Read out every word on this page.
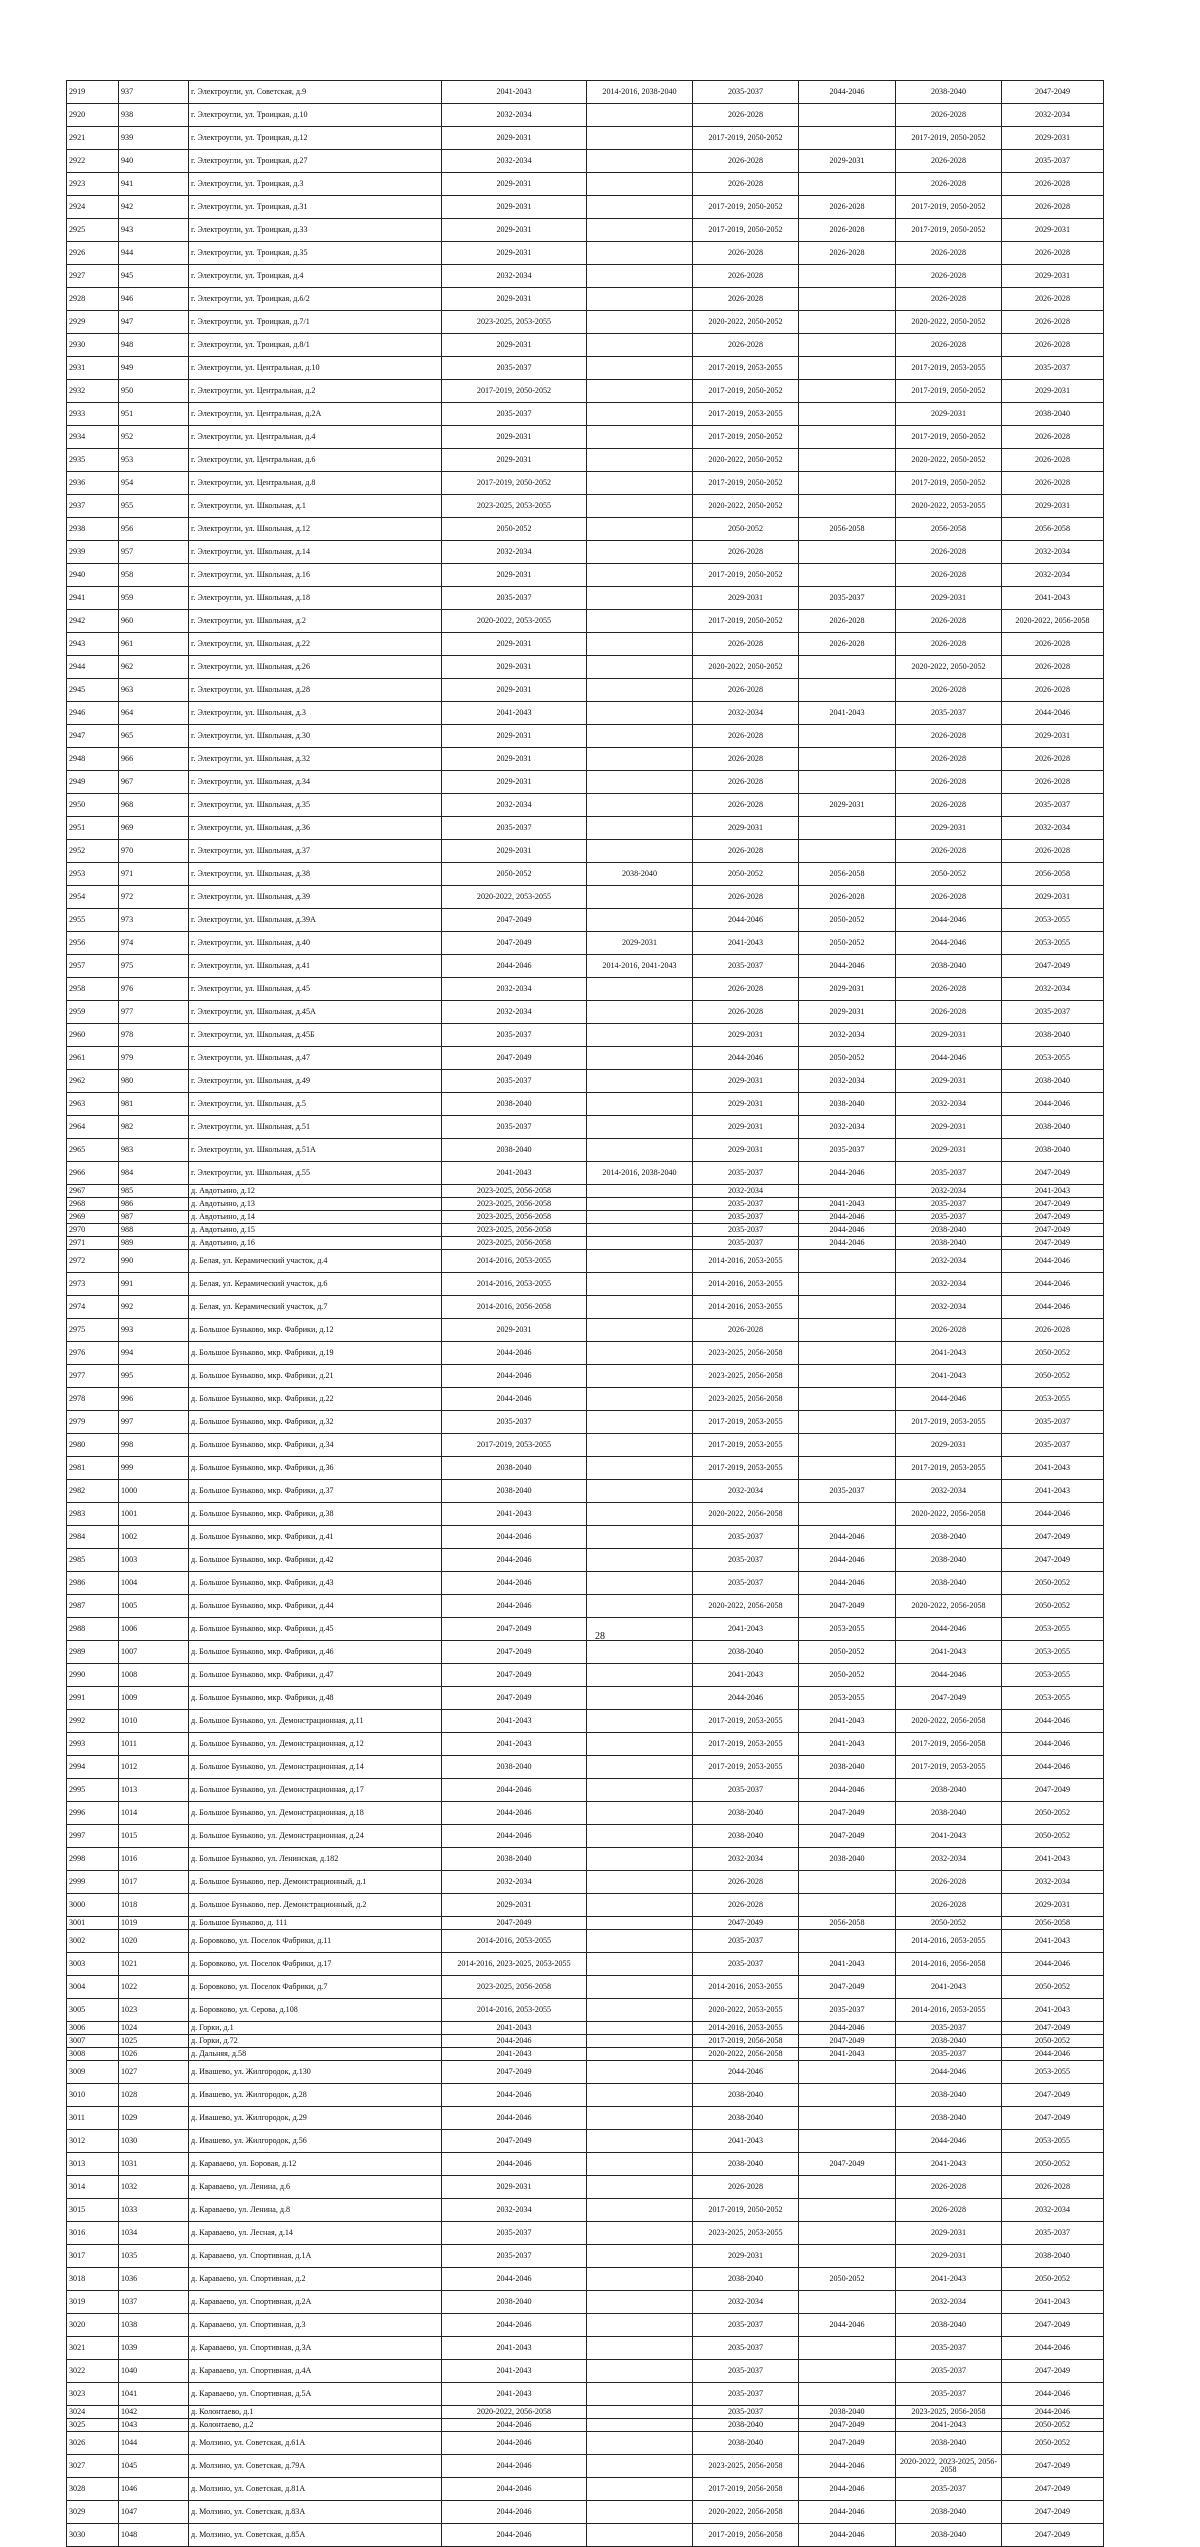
2919	937	г. Электроугли, ул. Советская, д.9	2041-2043	2014-2016, 2038-2040	2035-2037	2044-2046	2038-2040	2047-2049
2920	938	г. Электроугли, ул. Троицкая, д.10	2032-2034		2026-2028		2026-2028	2032-2034
2921	939	г. Электроугли, ул. Троицкая, д.12	2029-2031		2017-2019, 2050-2052		2017-2019, 2050-2052	2029-2031
2922	940	г. Электроугли, ул. Троицкая, д.27	2032-2034		2026-2028	2029-2031	2026-2028	2035-2037
2923	941	г. Электроугли, ул. Троицкая, д.3	2029-2031		2026-2028		2026-2028	2026-2028
2924	942	г. Электроугли, ул. Троицкая, д.31	2029-2031		2017-2019, 2050-2052	2026-2028	2017-2019, 2050-2052	2026-2028
2925	943	г. Электроугли, ул. Троицкая, д.33	2029-2031		2017-2019, 2050-2052	2026-2028	2017-2019, 2050-2052	2029-2031
2926	944	г. Электроугли, ул. Троицкая, д.35	2029-2031		2026-2028	2026-2028	2026-2028	2026-2028
2927	945	г. Электроугли, ул. Троицкая, д.4	2032-2034		2026-2028		2026-2028	2029-2031
2928	946	г. Электроугли, ул. Троицкая, д.6/2	2029-2031		2026-2028		2026-2028	2026-2028
2929	947	г. Электроугли, ул. Троицкая, д.7/1	2023-2025, 2053-2055		2020-2022, 2050-2052		2020-2022, 2050-2052	2026-2028
2930	948	г. Электроугли, ул. Троицкая, д.8/1	2029-2031		2026-2028		2026-2028	2026-2028
2931	949	г. Электроугли, ул. Центральная, д.10	2035-2037		2017-2019, 2053-2055		2017-2019, 2053-2055	2035-2037
2932	950	г. Электроугли, ул. Центральная, д.2	2017-2019, 2050-2052		2017-2019, 2050-2052		2017-2019, 2050-2052	2029-2031
2933	951	г. Электроугли, ул. Центральная, д.2А	2035-2037		2017-2019, 2053-2055		2029-2031	2038-2040
2934	952	г. Электроугли, ул. Центральная, д.4	2029-2031		2017-2019, 2050-2052		2017-2019, 2050-2052	2026-2028
2935	953	г. Электроугли, ул. Центральная, д.6	2029-2031		2020-2022, 2050-2052		2020-2022, 2050-2052	2026-2028
2936	954	г. Электроугли, ул. Центральная, д.8	2017-2019, 2050-2052		2017-2019, 2050-2052		2017-2019, 2050-2052	2026-2028
2937	955	г. Электроугли, ул. Школьная, д.1	2023-2025, 2053-2055		2020-2022, 2050-2052		2020-2022, 2053-2055	2029-2031
2938	956	г. Электроугли, ул. Школьная, д.12	2050-2052		2050-2052	2056-2058	2056-2058	2056-2058
2939	957	г. Электроугли, ул. Школьная, д.14	2032-2034		2026-2028		2026-2028	2032-2034
2940	958	г. Электроугли, ул. Школьная, д.16	2029-2031		2017-2019, 2050-2052		2026-2028	2032-2034
2941	959	г. Электроугли, ул. Школьная, д.18	2035-2037		2029-2031	2035-2037	2029-2031	2041-2043
2942	960	г. Электроугли, ул. Школьная, д.2	2020-2022, 2053-2055		2017-2019, 2050-2052	2026-2028	2026-2028	2020-2022, 2056-2058
2943	961	г. Электроугли, ул. Школьная, д.22	2029-2031		2026-2028	2026-2028	2026-2028	2026-2028
2944	962	г. Электроугли, ул. Школьная, д.26	2029-2031		2020-2022, 2050-2052		2020-2022, 2050-2052	2026-2028
2945	963	г. Электроугли, ул. Школьная, д.28	2029-2031		2026-2028		2026-2028	2026-2028
2946	964	г. Электроугли, ул. Школьная, д.3	2041-2043		2032-2034	2041-2043	2035-2037	2044-2046
2947	965	г. Электроугли, ул. Школьная, д.30	2029-2031		2026-2028		2026-2028	2029-2031
2948	966	г. Электроугли, ул. Школьная, д.32	2029-2031		2026-2028		2026-2028	2026-2028
2949	967	г. Электроугли, ул. Школьная, д.34	2029-2031		2026-2028		2026-2028	2026-2028
2950	968	г. Электроугли, ул. Школьная, д.35	2032-2034		2026-2028	2029-2031	2026-2028	2035-2037
2951	969	г. Электроугли, ул. Школьная, д.36	2035-2037		2029-2031		2029-2031	2032-2034
2952	970	г. Электроугли, ул. Школьная, д.37	2029-2031		2026-2028		2026-2028	2026-2028
2953	971	г. Электроугли, ул. Школьная, д.38	2050-2052	2038-2040	2050-2052	2056-2058	2050-2052	2056-2058
2954	972	г. Электроугли, ул. Школьная, д.39	2020-2022, 2053-2055		2026-2028	2026-2028	2026-2028	2029-2031
2955	973	г. Электроугли, ул. Школьная, д.39А	2047-2049		2044-2046	2050-2052	2044-2046	2053-2055
2956	974	г. Электроугли, ул. Школьная, д.40	2047-2049	2029-2031	2041-2043	2050-2052	2044-2046	2053-2055
2957	975	г. Электроугли, ул. Школьная, д.41	2044-2046	2014-2016, 2041-2043	2035-2037	2044-2046	2038-2040	2047-2049
2958	976	г. Электроугли, ул. Школьная, д.45	2032-2034		2026-2028	2029-2031	2026-2028	2032-2034
2959	977	г. Электроугли, ул. Школьная, д.45А	2032-2034		2026-2028	2029-2031	2026-2028	2035-2037
2960	978	г. Электроугли, ул. Школьная, д.45Б	2035-2037		2029-2031	2032-2034	2029-2031	2038-2040
2961	979	г. Электроугли, ул. Школьная, д.47	2047-2049		2044-2046	2050-2052	2044-2046	2053-2055
2962	980	г. Электроугли, ул. Школьная, д.49	2035-2037		2029-2031	2032-2034	2029-2031	2038-2040
2963	981	г. Электроугли, ул. Школьная, д.5	2038-2040		2029-2031	2038-2040	2032-2034	2044-2046
2964	982	г. Электроугли, ул. Школьная, д.51	2035-2037		2029-2031	2032-2034	2029-2031	2038-2040
2965	983	г. Электроугли, ул. Школьная, д.51А	2038-2040		2029-2031	2035-2037	2029-2031	2038-2040
2966	984	г. Электроугли, ул. Школьная, д.55	2041-2043	2014-2016, 2038-2040	2035-2037	2044-2046	2035-2037	2047-2049
2967	985	д. Авдотьино, д.12	2023-2025, 2056-2058		2032-2034		2032-2034	2041-2043
2968	986	д. Авдотьино, д.13	2023-2025, 2056-2058		2035-2037	2041-2043	2035-2037	2047-2049
2969	987	д. Авдотьино, д.14	2023-2025, 2056-2058		2035-2037	2044-2046	2035-2037	2047-2049
2970	988	д. Авдотьино, д.15	2023-2025, 2056-2058		2035-2037	2044-2046	2038-2040	2047-2049
2971	989	д. Авдотьино, д.16	2023-2025, 2056-2058		2035-2037	2044-2046	2038-2040	2047-2049
2972	990	д. Белая, ул. Керамический участок, д.4	2014-2016, 2053-2055		2014-2016, 2053-2055		2032-2034	2044-2046
2973	991	д. Белая, ул. Керамический участок, д.6	2014-2016, 2053-2055		2014-2016, 2053-2055		2032-2034	2044-2046
2974	992	д. Белая, ул. Керамический участок, д.7	2014-2016, 2056-2058		2014-2016, 2053-2055		2032-2034	2044-2046
2975	993	д. Большое Буньково, мкр. Фабрики, д.12	2029-2031		2026-2028		2026-2028	2026-2028
2976	994	д. Большое Буньково, мкр. Фабрики, д.19	2044-2046		2023-2025, 2056-2058		2041-2043	2050-2052
2977	995	д. Большое Буньково, мкр. Фабрики, д.21	2044-2046		2023-2025, 2056-2058		2041-2043	2050-2052
2978	996	д. Большое Буньково, мкр. Фабрики, д.22	2044-2046		2023-2025, 2056-2058		2044-2046	2053-2055
2979	997	д. Большое Буньково, мкр. Фабрики, д.32	2035-2037		2017-2019, 2053-2055		2017-2019, 2053-2055	2035-2037
2980	998	д. Большое Буньково, мкр. Фабрики, д.34	2017-2019, 2053-2055		2017-2019, 2053-2055		2029-2031	2035-2037
2981	999	д. Большое Буньково, мкр. Фабрики, д.36	2038-2040		2017-2019, 2053-2055		2017-2019, 2053-2055	2041-2043
2982	1000	д. Большое Буньково, мкр. Фабрики, д.37	2038-2040		2032-2034	2035-2037	2032-2034	2041-2043
2983	1001	д. Большое Буньково, мкр. Фабрики, д.38	2041-2043		2020-2022, 2056-2058		2020-2022, 2056-2058	2044-2046
2984	1002	д. Большое Буньково, мкр. Фабрики, д.41	2044-2046		2035-2037	2044-2046	2038-2040	2047-2049
2985	1003	д. Большое Буньково, мкр. Фабрики, д.42	2044-2046		2035-2037	2044-2046	2038-2040	2047-2049
2986	1004	д. Большое Буньково, мкр. Фабрики, д.43	2044-2046		2035-2037	2044-2046	2038-2040	2050-2052
2987	1005	д. Большое Буньково, мкр. Фабрики, д.44	2044-2046		2020-2022, 2056-2058	2047-2049	2020-2022, 2056-2058	2050-2052
2988	1006	д. Большое Буньково, мкр. Фабрики, д.45	2047-2049		2041-2043	2053-2055	2044-2046	2053-2055
2989	1007	д. Большое Буньково, мкр. Фабрики, д.46	2047-2049		2038-2040	2050-2052	2041-2043	2053-2055
2990	1008	д. Большое Буньково, мкр. Фабрики, д.47	2047-2049		2041-2043	2050-2052	2044-2046	2053-2055
2991	1009	д. Большое Буньково, мкр. Фабрики, д.48	2047-2049		2044-2046	2053-2055	2047-2049	2053-2055
2992	1010	д. Большое Буньково, ул. Демонстрационная, д.11	2041-2043		2017-2019, 2053-2055	2041-2043	2020-2022, 2056-2058	2044-2046
2993	1011	д. Большое Буньково, ул. Демонстрационная, д.12	2041-2043		2017-2019, 2053-2055	2041-2043	2017-2019, 2056-2058	2044-2046
2994	1012	д. Большое Буньково, ул. Демонстрационная, д.14	2038-2040		2017-2019, 2053-2055	2038-2040	2017-2019, 2053-2055	2044-2046
2995	1013	д. Большое Буньково, ул. Демонстрационная, д.17	2044-2046		2035-2037	2044-2046	2038-2040	2047-2049
2996	1014	д. Большое Буньково, ул. Демонстрационная, д.18	2044-2046		2038-2040	2047-2049	2038-2040	2050-2052
2997	1015	д. Большое Буньково, ул. Демонстрационная, д.24	2044-2046		2038-2040	2047-2049	2041-2043	2050-2052
2998	1016	д. Большое Буньково, ул. Ленинская, д.182	2038-2040		2032-2034	2038-2040	2032-2034	2041-2043
2999	1017	д. Большое Буньково, пер. Демонстрационный, д.1	2032-2034		2026-2028		2026-2028	2032-2034
3000	1018	д. Большое Буньково, пер. Демонстрационный, д.2	2029-2031		2026-2028		2026-2028	2029-2031
3001	1019	д. Большое Буньково, д. 111	2047-2049		2047-2049	2056-2058	2050-2052	2056-2058
3002	1020	д. Боровково, ул. Поселок Фабрики, д.11	2014-2016, 2053-2055		2035-2037		2014-2016, 2053-2055	2041-2043
3003	1021	д. Боровково, ул. Поселок Фабрики, д.17	2014-2016, 2023-2025, 2053-2055		2035-2037	2041-2043	2014-2016, 2056-2058	2044-2046
3004	1022	д. Боровково, ул. Поселок Фабрики, д.7	2023-2025, 2056-2058		2014-2016, 2053-2055	2047-2049	2041-2043	2050-2052
3005	1023	д. Боровково, ул. Серова, д.108	2014-2016, 2053-2055		2020-2022, 2053-2055	2035-2037	2014-2016, 2053-2055	2041-2043
3006	1024	д. Горки, д.1	2041-2043		2014-2016, 2053-2055	2044-2046	2035-2037	2047-2049
3007	1025	д. Горки, д.72	2044-2046		2017-2019, 2056-2058	2047-2049	2038-2040	2050-2052
3008	1026	д. Дальняя, д.58	2041-2043		2020-2022, 2056-2058	2041-2043	2035-2037	2044-2046
3009	1027	д. Ивашево, ул. Жилгородок, д.130	2047-2049		2044-2046		2044-2046	2053-2055
3010	1028	д. Ивашево, ул. Жилгородок, д.28	2044-2046		2038-2040		2038-2040	2047-2049
3011	1029	д. Ивашево, ул. Жилгородок, д.29	2044-2046		2038-2040		2038-2040	2047-2049
3012	1030	д. Ивашево, ул. Жилгородок, д.56	2047-2049		2041-2043		2044-2046	2053-2055
3013	1031	д. Караваево, ул. Боровая, д.12	2044-2046		2038-2040	2047-2049	2041-2043	2050-2052
3014	1032	д. Караваево, ул. Ленина, д.6	2029-2031		2026-2028		2026-2028	2026-2028
3015	1033	д. Караваево, ул. Ленина, д.8	2032-2034		2017-2019, 2050-2052		2026-2028	2032-2034
3016	1034	д. Караваево, ул. Лесная, д.14	2035-2037		2023-2025, 2053-2055		2029-2031	2035-2037
3017	1035	д. Караваево, ул. Спортивная, д.1А	2035-2037		2029-2031		2029-2031	2038-2040
3018	1036	д. Караваево, ул. Спортивная, д.2	2044-2046		2038-2040	2050-2052	2041-2043	2050-2052
3019	1037	д. Караваево, ул. Спортивная, д.2А	2038-2040		2032-2034		2032-2034	2041-2043
3020	1038	д. Караваево, ул. Спортивная, д.3	2044-2046		2035-2037	2044-2046	2038-2040	2047-2049
3021	1039	д. Караваево, ул. Спортивная, д.3А	2041-2043		2035-2037		2035-2037	2044-2046
3022	1040	д. Караваево, ул. Спортивная, д.4А	2041-2043		2035-2037		2035-2037	2047-2049
3023	1041	д. Караваево, ул. Спортивная, д.5А	2041-2043		2035-2037		2035-2037	2044-2046
3024	1042	д. Колонтаево, д.1	2020-2022, 2056-2058		2035-2037	2038-2040	2023-2025, 2056-2058	2044-2046
3025	1043	д. Колонтаево, д.2	2044-2046		2038-2040	2047-2049	2041-2043	2050-2052
3026	1044	д. Молзино, ул. Советская, д.61А	2044-2046		2038-2040	2047-2049	2038-2040	2050-2052
3027	1045	д. Молзино, ул. Советская, д.79А	2044-2046		2023-2025, 2056-2058	2044-2046	2020-2022, 2023-2025, 2056-2058	2047-2049
3028	1046	д. Молзино, ул. Советская, д.81А	2044-2046		2017-2019, 2056-2058	2044-2046	2035-2037	2047-2049
3029	1047	д. Молзино, ул. Советская, д.83А	2044-2046		2020-2022, 2056-2058	2044-2046	2038-2040	2047-2049
3030	1048	д. Молзино, ул. Советская, д.85А	2044-2046		2017-2019, 2056-2058	2044-2046	2038-2040	2047-2049
28
